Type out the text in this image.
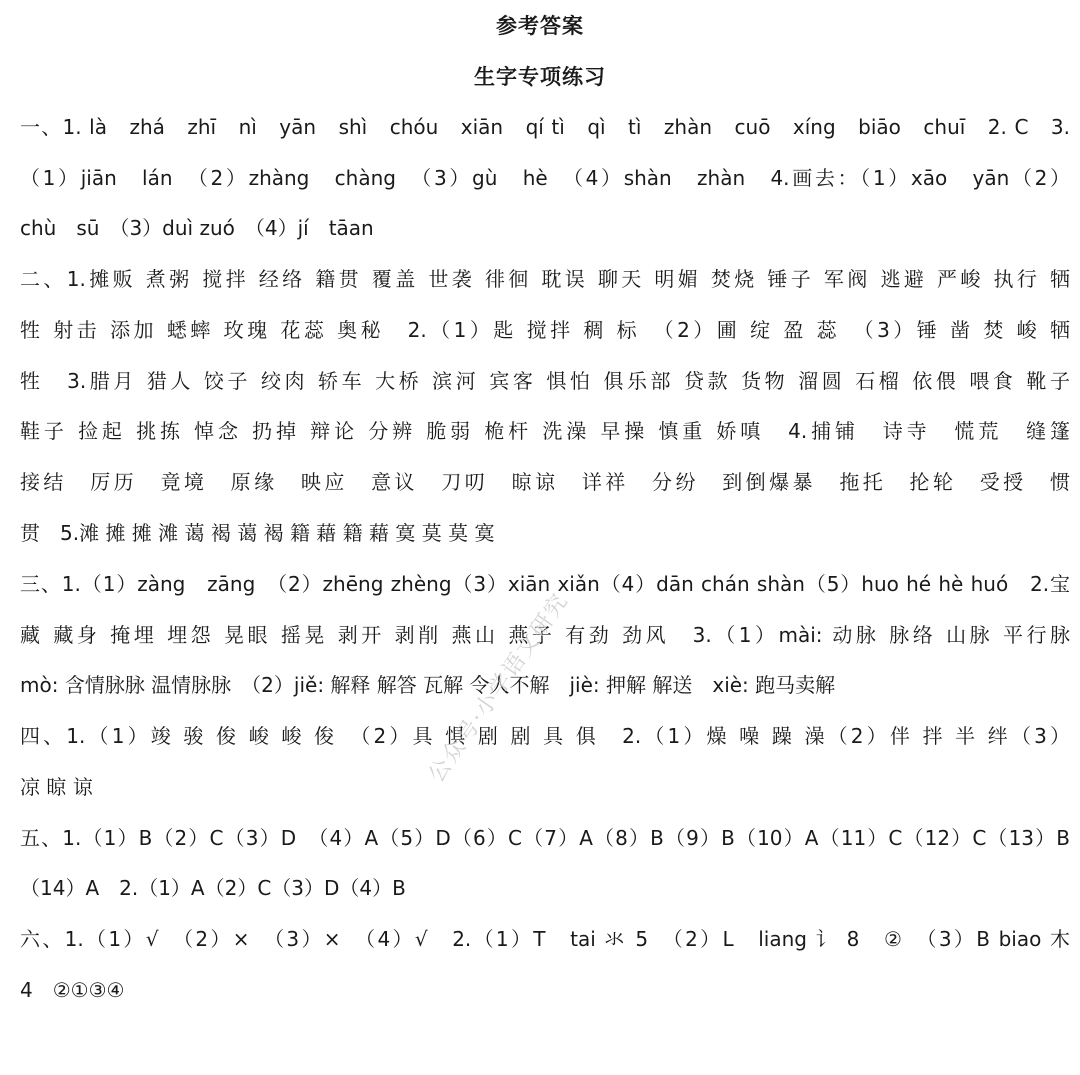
参考答案
生字专项练习
一、1. là　zhá　zhī　nì　yān　shì　chóu　xiān　qí tì　qì　tì　zhàn　cuō　xíng　biāo　chuī　2. C　3.
（1）jiān　lán　（2）zhàng　chàng　（3）gù　hè　（4）shàn　zhàn　4.画去：（1）xāo　yān（2）
chù　sū　（3）duì zuó　（4）jí　tāan
二、1.摊贩 煮粥 搅拌 经络 籍贯 覆盖 世袭 徘徊 耽误 聊天 明媚 焚烧 锤子 军阀 逃避 严峻 执行 牺
牲 射击 添加 蟋蟀 玫瑰 花蕊 奥秘　2.（1）匙 搅拌 稠 标　（2）圃 绽 盈 蕊　（3）锤 凿 焚 峻 牺
牲　3.腊月 猎人 饺子 绞肉 轿车 大桥 滨河 宾客 惧怕 俱乐部 贷款 货物 溜圆 石榴 依偎 喂食 靴子
鞋子 捡起 挑拣 悼念 扔掉 辩论 分辨 脆弱 桅杆 洗澡 早操 慎重 娇嗔　4.捕铺　诗寺　慌荒　缝篷
接结　厉历　竟境　原缘　映应　意议　刀叨　晾谅　详祥　分纷　到倒爆暴　拖托　抡轮　受授　惯
贯　5.滩 摊 摊 滩 蔼 褐 蔼 褐 籍 藉 籍 藉 寞 莫 莫 寞
三、1.（1）zàng　zāng　（2）zhēng zhèng（3）xiān xiǎn（4）dān chán shàn（5）huo hé hè huó　2.宝
藏 藏身 掩埋 埋怨 晃眼 摇晃 剥开 剥削 燕山 燕子 有劲 劲风　3.（1）mài: 动脉 脉络 山脉 平行脉
mò: 含情脉脉 温情脉脉　（2）jiě: 解释 解答 瓦解 令人不解　jiè: 押解 解送　xiè: 跑马卖解
四、1.（1）竣 骏 俊 峻 峻 俊　（2）具 惧 剧 剧 具 俱　2.（1）燥 噪 躁 澡（2）伴 拌 半 绊（3）
凉 晾 谅
五、1.（1）B（2）C（3）D　（4）A（5）D（6）C（7）A（8）B（9）B（10）A（11）C（12）C（13）B
（14）A　2.（1）A（2）C（3）D（4）B
六、1.（1）√　（2）×　（3）×　（4）√　2.（1）T　tai 氺 5　（2）L　liang 讠 8　②　（3）B biao 木
4　②①③④
公众号·小学语文研究
